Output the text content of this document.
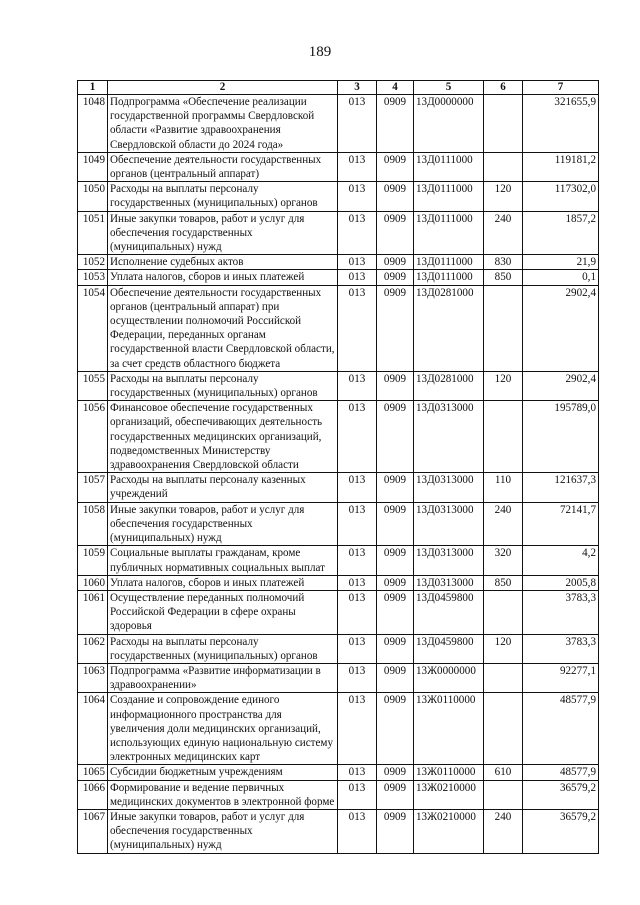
189
1	2	3	4	5	6	7
1048	Подпрограмма «Обеспечение реализации государственной программы Свердловской области «Развитие здравоохранения Свердловской области до 2024 года»	013	0909	13Д0000000		321655,9
1049	Обеспечение деятельности государственных органов (центральный аппарат)	013	0909	13Д0111000		119181,2
1050	Расходы на выплаты персоналу государственных (муниципальных) органов	013	0909	13Д0111000	120	117302,0
1051	Иные закупки товаров, работ и услуг для обеспечения государственных (муниципальных) нужд	013	0909	13Д0111000	240	1857,2
1052	Исполнение судебных актов	013	0909	13Д0111000	830	21,9
1053	Уплата налогов, сборов и иных платежей	013	0909	13Д0111000	850	0,1
1054	Обеспечение деятельности государственных органов (центральный аппарат) при осуществлении полномочий Российской Федерации, переданных органам государственной власти Свердловской области, за счет средств областного бюджета	013	0909	13Д0281000		2902,4
1055	Расходы на выплаты персоналу государственных (муниципальных) органов	013	0909	13Д0281000	120	2902,4
1056	Финансовое обеспечение государственных организаций, обеспечивающих деятельность государственных медицинских организаций, подведомственных Министерству здравоохранения Свердловской области	013	0909	13Д0313000		195789,0
1057	Расходы на выплаты персоналу казенных учреждений	013	0909	13Д0313000	110	121637,3
1058	Иные закупки товаров, работ и услуг для обеспечения государственных (муниципальных) нужд	013	0909	13Д0313000	240	72141,7
1059	Социальные выплаты гражданам, кроме публичных нормативных социальных выплат	013	0909	13Д0313000	320	4,2
1060	Уплата налогов, сборов и иных платежей	013	0909	13Д0313000	850	2005,8
1061	Осуществление переданных полномочий Российской Федерации в сфере охраны здоровья	013	0909	13Д0459800		3783,3
1062	Расходы на выплаты персоналу государственных (муниципальных) органов	013	0909	13Д0459800	120	3783,3
1063	Подпрограмма «Развитие информатизации в здравоохранении»	013	0909	13Ж0000000		92277,1
1064	Создание и сопровождение единого информационного пространства для увеличения доли медицинских организаций, использующих единую национальную систему электронных медицинских карт	013	0909	13Ж0110000		48577,9
1065	Субсидии бюджетным учреждениям	013	0909	13Ж0110000	610	48577,9
1066	Формирование и ведение первичных медицинских документов в электронной форме	013	0909	13Ж0210000		36579,2
1067	Иные закупки товаров, работ и услуг для обеспечения государственных (муниципальных) нужд	013	0909	13Ж0210000	240	36579,2
